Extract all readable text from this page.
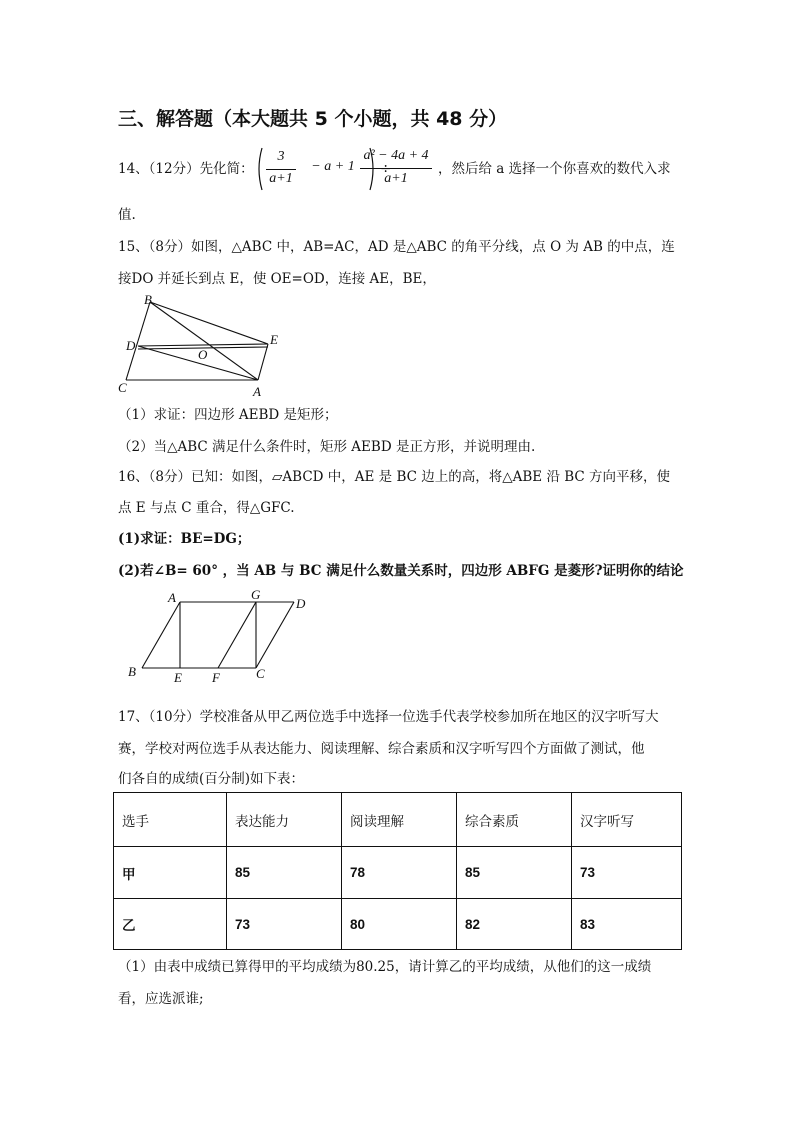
三、解答题（本大题共 5 个小题，共 48 分）
14、（12分）先化简：
3
a+1
− a + 1	÷
a² − 4a + 4
a+1
，然后给 a 选择一个你喜欢的数代入求
值.
15、（8分）如图，△ABC 中，AB=AC，AD 是△ABC 的角平分线，点 O 为 AB 的中点，连
接DO 并延长到点 E，使 OE=OD，连接 AE，BE，
B
D
O
E
C	A
（1）求证：四边形 AEBD 是矩形；
（2）当△ABC 满足什么条件时，矩形 AEBD 是正方形，并说明理由.
16、（8分）已知：如图，▱ABCD 中，AE 是 BC 边上的高，将△ABE 沿 BC 方向平移，使
点 E 与点 C 重合，得△GFC.
(1)求证：BE=DG；
(2)若∠B= 60° ，当 AB 与 BC 满足什么数量关系时，四边形 ABFG 是菱形?证明你的结论
A	G
D
B	E F	C
17、（10分）学校准备从甲乙两位选手中选择一位选手代表学校参加所在地区的汉字听写大
赛，学校对两位选手从表达能力、阅读理解、综合素质和汉字听写四个方面做了测试，他
们各自的成绩(百分制)如下表：
选手	表达能力	阅读理解	综合素质	汉字听写
甲	85	78	85	73
乙	73	80	82	83
（1）由表中成绩已算得甲的平均成绩为80.25，请计算乙的平均成绩，从他们的这一成绩
看，应选派谁;
